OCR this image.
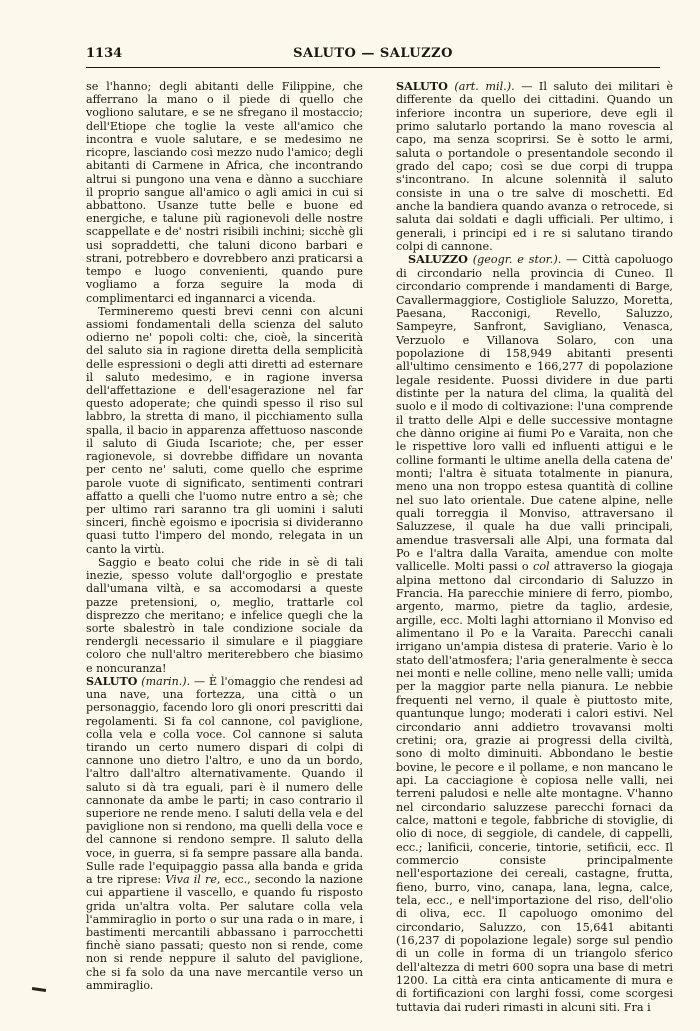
1134	SALUTO — SALUZZO

se l'hanno; degli abitanti delle Filippine, che afferrano la mano o il piede di quello che vogliono salutare, e se ne sfregano il mostaccio; dell'Etiope che toglie la veste all'amico che incontra e vuole salutare, e se medesimo ne ricopre, lasciando così mezzo nudo l'amico; degli abitanti di Carmene in Africa, che incontrando altrui si pungono una vena e dànno a succhiare il proprio sangue all'amico o agli amici in cui si abbattono. Usanze tutte belle e buone ed energiche, e talune più ragionevoli delle nostre scappellate e de' nostri risibili inchini; sicchè gli usi sopraddetti, che taluni dicono barbari e strani, potrebbero e dovrebbero anzi praticarsi a tempo e luogo convenienti, quando pure vogliamo a forza seguire la moda di complimentarci ed ingannarci a vicenda.

Termineremo questi brevi cenni con alcuni assiomi fondamentali della scienza del saluto odierno ne' popoli colti: che, cioè, la sincerità del saluto sia in ragione diretta della semplicità delle espressioni o degli atti diretti ad esternare il saluto medesimo, e in ragione inversa dell'affettazione e dell'esagerazione nel far questo adoperate; che quindi spesso il riso sul labbro, la stretta di mano, il picchiamento sulla spalla, il bacio in apparenza affettuoso nasconde il saluto di Giuda Iscariote; che, per esser ragionevole, si dovrebbe diffidare un novanta per cento ne' saluti, come quello che esprime parole vuote di significato, sentimenti contrari affatto a quelli che l'uomo nutre entro a sè; che per ultimo rari saranno tra gli uomini i saluti sinceri, finchè egoismo e ipocrisia si divideranno quasi tutto l'impero del mondo, relegata in un canto la virtù.

Saggio e beato colui che ride in sè di tali inezie, spesso volute dall'orgoglio e prestate dall'umana viltà, e sa accomodarsi a queste pazze pretensioni, o, meglio, trattarle col disprezzo che meritano; e infelice quegli che la sorte sbalestrò in tale condizione sociale da rendergli necessario il simulare e il piaggiare coloro che null'altro meriterebbero che biasimo e noncuranza!

SALUTO (marin.). — È l'omaggio che rendesi ad una nave, una fortezza, una città o un personaggio, facendo loro gli onori prescritti dai regolamenti. Si fa col cannone, col paviglione, colla vela e colla voce. Col cannone si saluta tirando un certo numero dispari di colpi di cannone uno dietro l'altro, e uno da un bordo, l'altro dall'altro alternativamente. Quando il saluto si dà tra eguali, pari è il numero delle cannonate da ambe le parti; in caso contrario il superiore ne rende meno. I saluti della vela e del paviglione non si rendono, ma quelli della voce e del cannone si rendono sempre. Il saluto della voce, in guerra, si fa sempre passare alla banda. Sulle rade l'equipaggio passa alla banda e grida a tre riprese: Viva il re, ecc., secondo la nazione cui appartiene il vascello, e quando fu risposto grida un'altra volta. Per salutare colla vela l'ammiraglio in porto o sur una rada o in mare, i bastimenti mercantili abbassano i parrocchetti finchè siano passati; questo non si rende, come non si rende neppure il saluto del paviglione, che si fa solo da una nave mercantile verso un ammiraglio.

SALUTO (art. mil.). — Il saluto dei militari è differente da quello dei cittadini. Quando un inferiore incontra un superiore, deve egli il primo salutarlo portando la mano rovescia al capo, ma senza scoprirsi. Se è sotto le armi, saluta o portandole o presentandole secondo il grado del capo; così se due corpi di truppa s'incontrano. In alcune solennità il saluto consiste in una o tre salve di moschetti. Ed anche la bandiera quando avanza o retrocede, si saluta dai soldati e dagli ufficiali. Per ultimo, i generali, i principi ed i re si salutano tirando colpi di cannone.

SALUZZO (geogr. e stor.). — Città capoluogo di circondario nella provincia di Cuneo. Il circondario comprende i mandamenti di Barge, Cavallermaggiore, Costigliole Saluzzo, Moretta, Paesana, Racconigi, Revello, Saluzzo, Sampeyre, Sanfront, Savigliano, Venasca, Verzuolo e Villanova Solaro, con una popolazione di 158,949 abitanti presenti all'ultimo censimento e 166,277 di popolazione legale residente. Puossi dividere in due parti distinte per la natura del clima, la qualità del suolo e il modo di coltivazione: l'una comprende il tratto delle Alpi e delle successive montagne che dànno origine ai fiumi Po e Varaita, non che le rispettive loro valli ed influenti attigui e le colline formanti le ultime anella della catena de' monti; l'altra è situata totalmente in pianura, meno una non troppo estesa quantità di colline nel suo lato orientale. Due catene alpine, nelle quali torreggia il Monviso, attraversano il Saluzzese, il quale ha due valli principali, amendue trasversali alle Alpi, una formata dal Po e l'altra dalla Varaita, amendue con molte vallicelle. Molti passi o col attraverso la giogaja alpina mettono dal circondario di Saluzzo in Francia. Ha parecchie miniere di ferro, piombo, argento, marmo, pietre da taglio, ardesie, argille, ecc. Molti laghi attorniano il Monviso ed alimentano il Po e la Varaita. Parecchi canali irrigano un'ampia distesa di praterie. Vario è lo stato dell'atmosfera; l'aria generalmente è secca nei monti e nelle colline, meno nelle valli; umida per la maggior parte nella pianura. Le nebbie frequenti nel verno, il quale è piuttosto mite, quantunque lungo; moderati i calori estivi. Nel circondario anni addietro trovavansi molti cretini; ora, grazie ai progressi della civiltà, sono di molto diminuiti. Abbondano le bestie bovine, le pecore e il pollame, e non mancano le api. La cacciagione è copiosa nelle valli, nei terreni paludosi e nelle alte montagne. V'hanno nel circondario saluzzese parecchi fornaci da calce, mattoni e tegole, fabbriche di stoviglie, di olio di noce, di seggiole, di candele, di cappelli, ecc.; lanificii, concerie, tintorie, setificii, ecc. Il commercio consiste principalmente nell'esportazione dei cereali, castagne, frutta, fieno, burro, vino, canapa, lana, legna, calce, tela, ecc., e nell'importazione del riso, dell'olio di oliva, ecc. Il capoluogo omonimo del circondario, Saluzzo, con 15,641 abitanti (16,237 di popolazione legale) sorge sul pendìo di un colle in forma di un triangolo sferico dell'altezza di metri 600 sopra una base di metri 1200. La città era cinta anticamente di mura e di fortificazioni con larghi fossi, come scorgesi tuttavia dai ruderi rimasti in alcuni siti. Fra i
